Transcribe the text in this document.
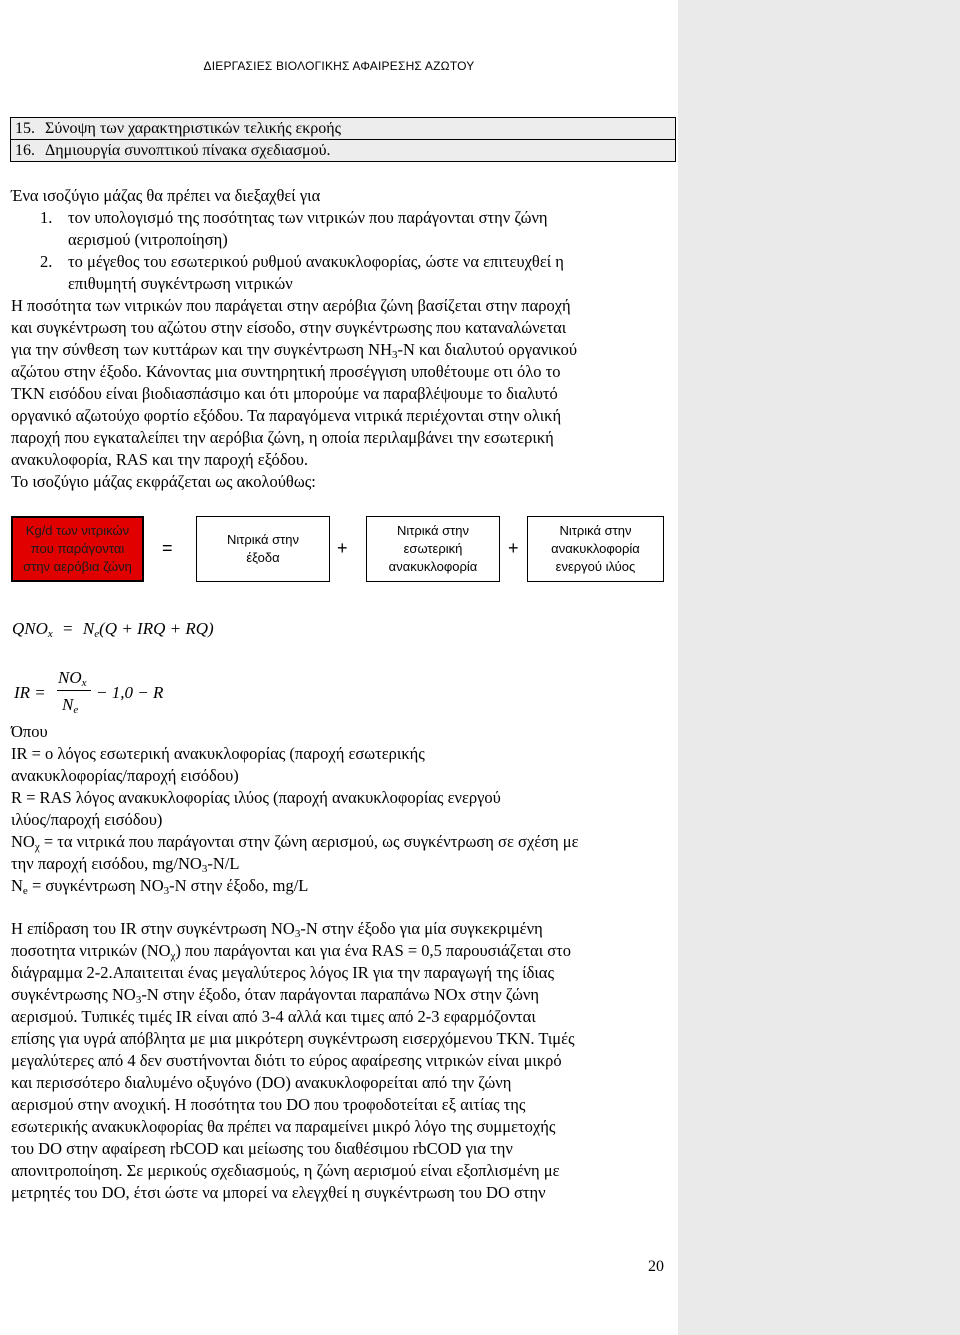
ΔΙΕΡΓΑΣΙΕΣ ΒΙΟΛΟΓΙΚΗΣ ΑΦΑΙΡΕΣΗΣ ΑΖΩΤΟΥ
15.	Σύνοψη των χαρακτηριστικών τελικής εκροής
16.	Δημιουργία συνοπτικού πίνακα σχεδιασμού.
Ένα ισοζύγιο μάζας θα πρέπει να διεξαχθεί για
1. τον υπολογισμό της ποσότητας των νιτρικών που παράγονται στην ζώνη
αερισμού (νιτροποίηση)
2. το μέγεθος του εσωτερικού ρυθμού ανακυκλοφορίας, ώστε να επιτευχθεί η
επιθυμητή συγκέντρωση νιτρικών
Η ποσότητα των νιτρικών που παράγεται στην αερόβια ζώνη βασίζεται στην παροχή
και συγκέντρωση του αζώτου στην είσοδο, στην συγκέντρωσης που καταναλώνεται
για την σύνθεση των κυττάρων και την συγκέντρωση $NH_3-N$ και διαλυτού οργανικού
αζώτου στην έξοδο. Κάνοντας μια συντηρητική προσέγγιση υποθέτουμε οτι όλο το
ΤΚΝ εισόδου είναι βιοδιασπάσιμο και ότι μπορούμε να παραβλέψουμε το διαλυτό
οργανικό αζωτούχο φορτίο εξόδου. Τα παραγόμενα νιτρικά περιέχονται στην ολική
παροχή που εγκαταλείπει την αερόβια ζώνη, η οποία περιλαμβάνει την εσωτερική
ανακυλοφορία, RAS και την παροχή εξόδου.
Το ισοζύγιο μάζας εκφράζεται ως ακολούθως:
Kg/d των νιτρικών
που παράγονται
στην αερόβια ζώνη
=	Νιτρικά στην
έξοδα	+
Νιτρικά στην
εσωτερική
ανακυκλοφορία
+
Νιτρικά στην
ανακυκλοφορία
ενεργού ιλύος
$QNO_x = N_e(Q$ + IRQ + RQ)
IR =
$NO_x$
$N_e$
− 1,0 − R
Όπου
IR = ο λόγος εσωτερική ανακυκλοφορίας (παροχή εσωτερικής
ανακυκλοφορίας/παροχή εισόδου)
R = RAS λόγος ανακυκλοφορίας ιλύος (παροχή ανακυκλοφορίας ενεργού
ιλύος/παροχή εισόδου)
$NO_\chi = \tau\alpha$ νιτρικά που παράγονται στην ζώνη αερισμού, ως συγκέντρωση σε σχέση με
την παροχή εισόδου, $mg/NO_3-N/L$
$N_e = \sigma\upsilon\gamma\kappa έ\nu\tau\rho\omega\sigma\eta$ $NO_3-N$ στην έξοδο, mg/L
Η επίδραση του IR στην συγκέντρωση $NO_3-N$ στην έξοδο για μία συγκεκριμένη
ποσοτητα νιτρικών $(NO_\chi)$ που παράγονται και για ένα RAS = 0,5 παρουσιάζεται στο
διάγραμμα 2-2.Απαιτειται ένας μεγαλύτερος λόγος IR για την παραγωγή της ίδιας
συγκέντρωσης $NO_3-N$ στην έξοδο, όταν παράγονται παραπάνω NOx στην ζώνη
αερισμού. Τυπικές τιμές IR είναι από 3-4 αλλά και τιμες από 2-3 εφαρμόζονται
επίσης για υγρά απόβλητα με μια μικρότερη συγκέντρωση εισερχόμενου ΤΚΝ. Τιμές
μεγαλύτερες από 4 δεν συστήνονται διότι το εύρος αφαίρεσης νιτρικών είναι μικρό
και περισσότερο διαλυμένο οξυγόνο (DO) ανακυκλοφορείται από την ζώνη
αερισμού στην ανοχική. Η ποσότητα του DO που τροφοδοτείται εξ αιτίας της
εσωτερικής ανακυκλοφορίας θα πρέπει να παραμείνει μικρό λόγο της συμμετοχής
του DO στην αφαίρεση rbCOD και μείωσης του διαθέσιμου rbCOD για την
απονιτροποίηση. Σε μερικούς σχεδιασμούς, η ζώνη αερισμού είναι εξοπλισμένη με
μετρητές του DO, έτσι ώστε να μπορεί να ελεγχθεί η συγκέντρωση του DO στην
20
